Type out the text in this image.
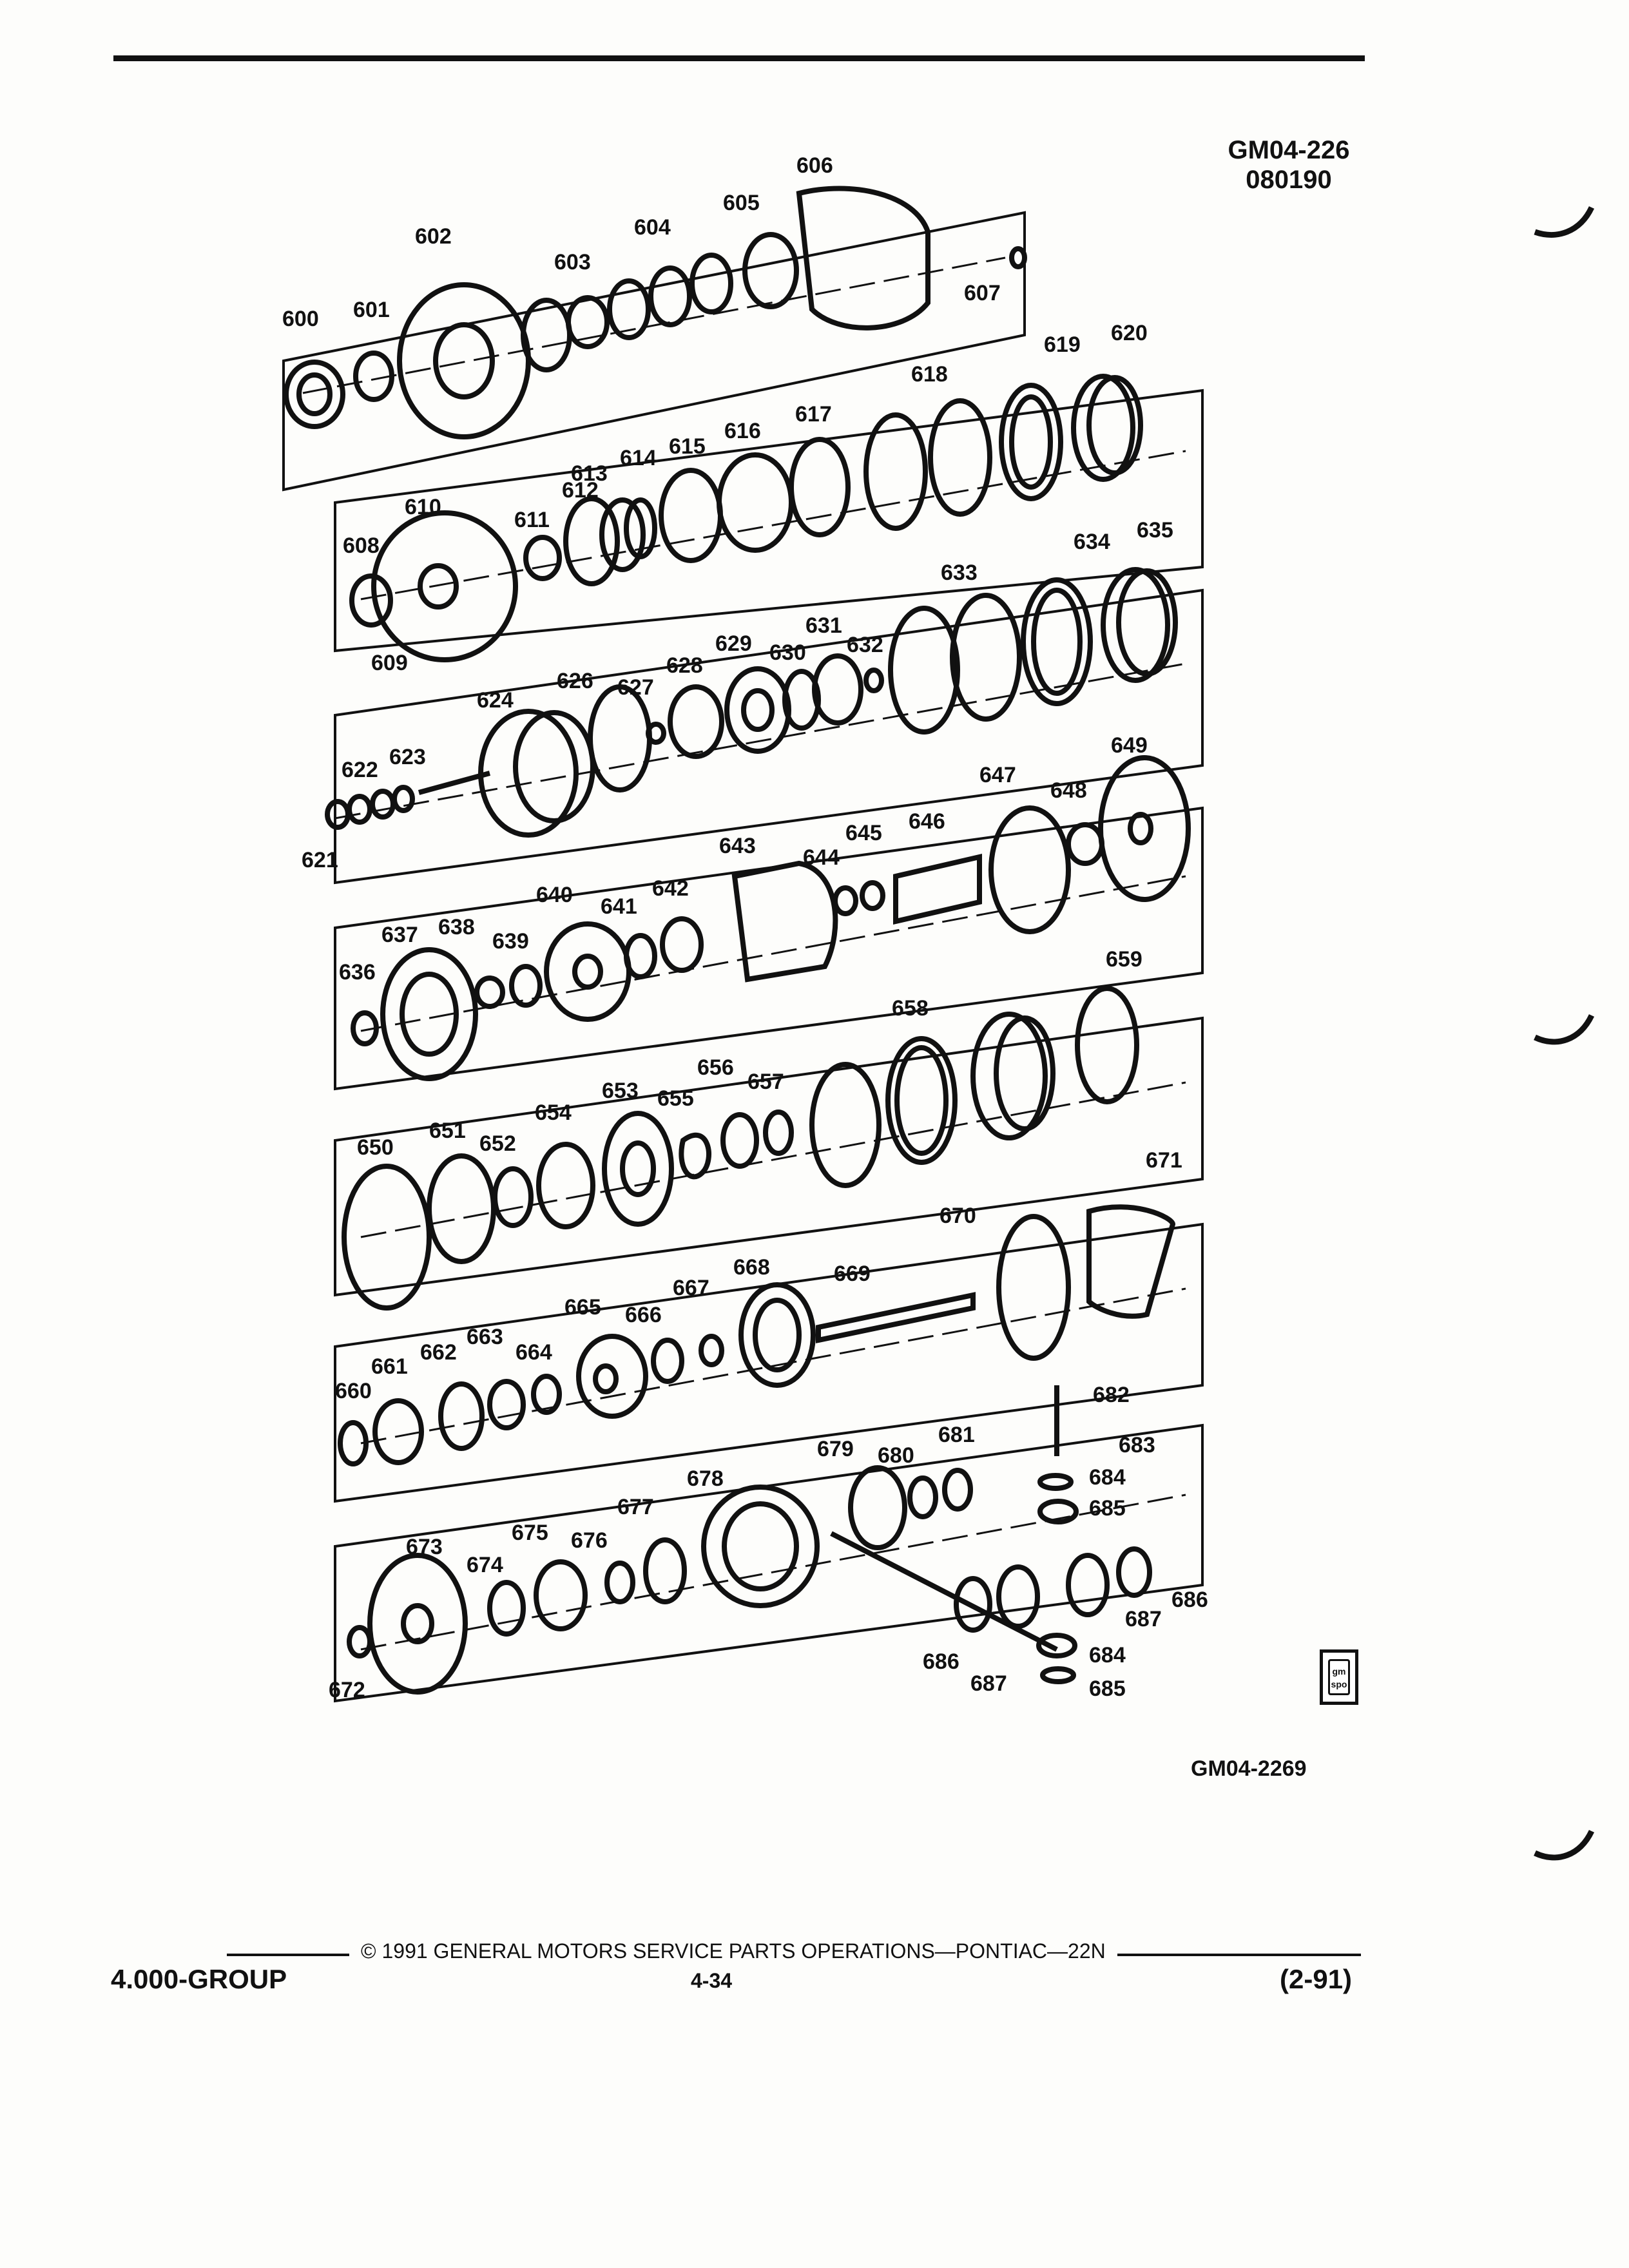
GM04-226
080190
600 601
602
603
604
605
606
607
608
609
610
611
612
613
614 615
616
617
618
619 620
621
622
623
624
626 627
628
629 630
631
632
633
634 635
636
637 638
639
640 641
642
643 644
645 646
647
648
649
650
651
652
653
654
655
656
657
658
659
660
661
662
663
664
665 666
667
668	669
670
671
672
673
674
675 676
677
678
679 680
681
682
683
684
685
686
687
685
684
686
687	gm spo
GM04-2269
© 1991 GENERAL MOTORS SERVICE PARTS OPERATIONS—PONTIAC—22N
4.000-GROUP	4-34	(2-91)
